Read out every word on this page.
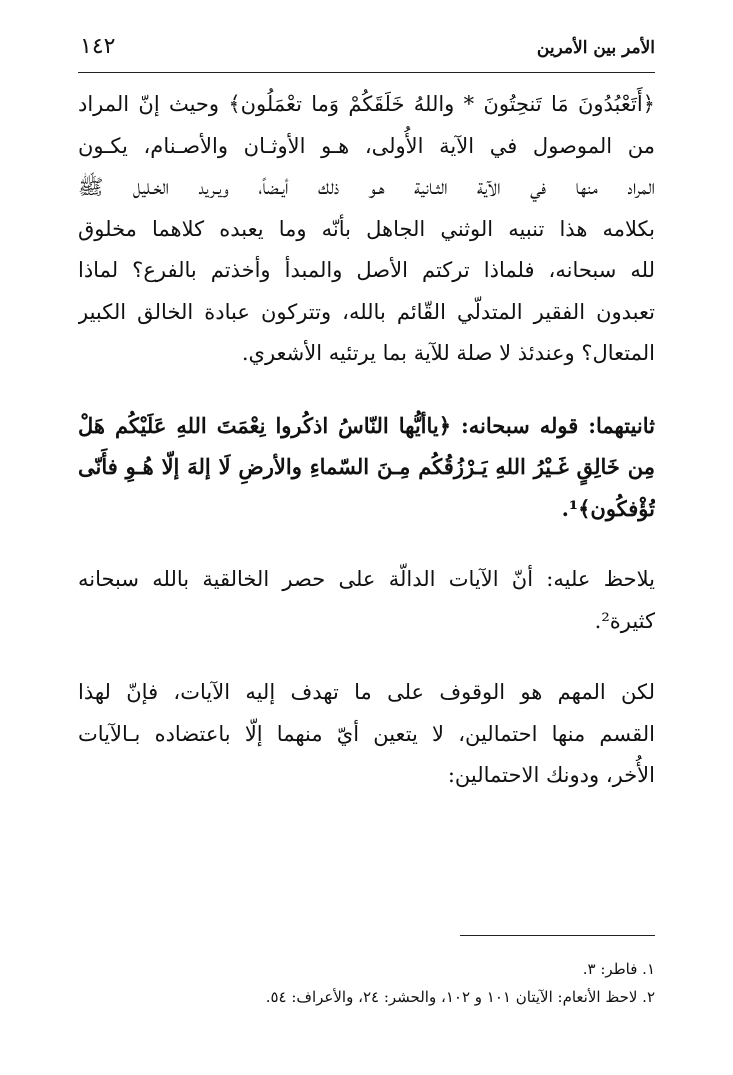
الأمر بين الأمرين
١٤٢
﴿أَتَعْبُدُونَ مَا تَنحِتُونَ * واللهُ خَلَقَكُمْ وَما تعْمَلُون﴾ وحيث إنّ المراد
من الموصول في الآية الأُولى، هـو الأوثـان والأصـنام، يكـون
المراد منها في الآية الثـانية هـو ذلك أيـضاً، ويـريد الخـليل ﷺ
بكلامه هذا تنبيه الوثني الجاهل بأنّه وما يعبده كلاهما مخلوق
لله سبحانه، فلماذا تركتم الأصل والمبدأ وأخذتم بالفرع؟ لماذا
تعبدون الفقير المتدلّي القّائم بالله، وتتركون عبادة الخالق الكبير
المتعال؟ وعندئذ لا صلة للآية بما يرتئيه الأشعري.
ثانيتهما: قوله سبحانه: ﴿ياأيُّها النّاسُ اذكُروا نِعْمَتَ اللهِ عَلَيْكُم هَلْ
مِن خَالِقٍ غَـيْرُ اللهِ يَـرْزُقُكُم مِـنَ السّماءِ والأرضِ لَا إلهَ إلّا هُـوِ فأَنّى
تُؤْفكُون﴾¹.
يلاحظ عليه: أنّ الآيات الدالّة على حصر الخالقية بالله سبحانه
كثيرة².
لكن المهم هو الوقوف على ما تهدف إليه الآيات، فإنّ لهذا
القسم منها احتمالين، لا يتعين أيّ منهما إلّا باعتضاده بـالآيات
الأُخر، ودونك الاحتمالين:
١. فاطر: ٣.
٢. لاحظ الأنعام: الآيتان ١٠١ و ١٠٢، والحشر: ٢٤، والأعراف: ٥٤.
